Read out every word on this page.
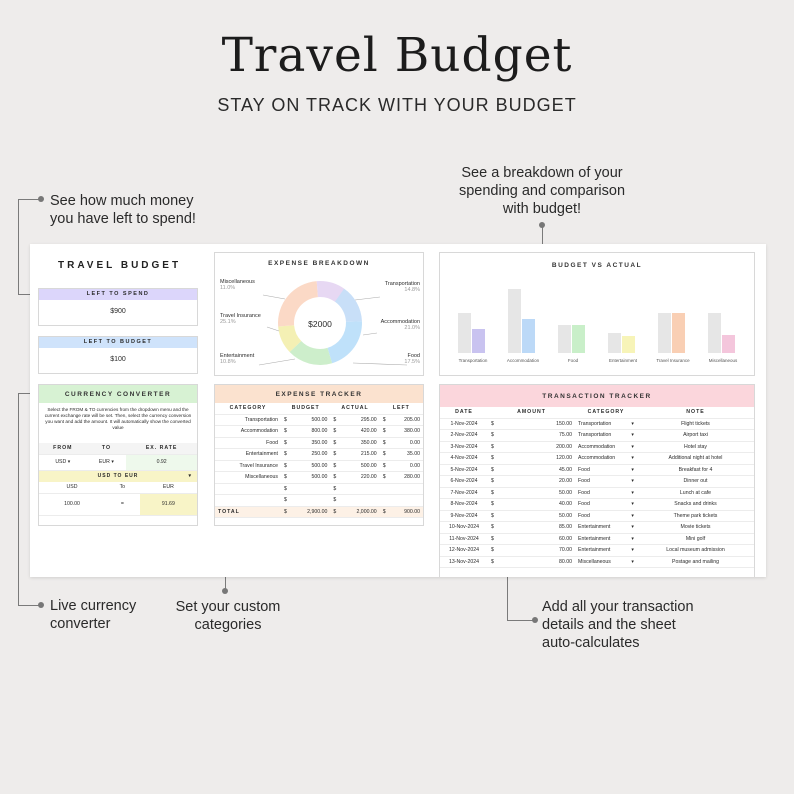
Travel Budget
STAY ON TRACK WITH YOUR BUDGET
See how much money you have left to spend!
See a breakdown of your spending and comparison with budget!
Live currency converter
Set your custom categories
Add all your transaction details and the sheet auto-calculates
TRAVEL BUDGET
LEFT TO SPEND
$900
LEFT TO BUDGET
$100
CURRENCY CONVERTER
Select the FROM & TO currencies from the dropdown menu and the current exchange rate will be set. Then, select the currency conversion you want and add the amount. It will automatically show the converted value
FROM	TO	EX. RATE
USD ▾	EUR ▾	0.92
USD TO EUR	▾
USD	To	EUR
100.00	=	91.69
EXPENSE BREAKDOWN
$2000
Miscellaneous
11.0%
Travel Insurance
25.1%
Entertainment
10.8%
Transportation
14.8%
Accommodation
21.0%
Food
17.5%
BUDGET VS ACTUAL
Transportation	Accommodation	Food	Entertainment	Travel Insurance	Miscellaneous
EXPENSE TRACKER
CATEGORY	BUDGET		ACTUAL		LEFT	
Transportation	$	500.00	$	295.00	$	205.00
Accommodation	$	800.00	$	420.00	$	380.00
Food	$	350.00	$	350.00	$	0.00
Entertainment	$	250.00	$	215.00	$	35.00
Travel Insurance	$	500.00	$	500.00	$	0.00
Miscellaneous	$	500.00	$	220.00	$	280.00
	$		$			
	$		$			
TOTAL	$	2,900.00	$	2,000.00	$	900.00
TRANSACTION TRACKER
DATE	AMOUNT		CATEGORY	NOTE
1-Nov-2024	$	150.00	Transportation ▾	Flight tickets
2-Nov-2024	$	75.00	Transportation ▾	Airport taxi
3-Nov-2024	$	200.00	Accommodation ▾	Hotel stay
4-Nov-2024	$	120.00	Accommodation ▾	Additional night at hotel
5-Nov-2024	$	45.00	Food ▾	Breakfast for 4
6-Nov-2024	$	20.00	Food ▾	Dinner out
7-Nov-2024	$	50.00	Food ▾	Lunch at cafe
8-Nov-2024	$	40.00	Food ▾	Snacks and drinks
9-Nov-2024	$	50.00	Food ▾	Theme park tickets
10-Nov-2024	$	85.00	Entertainment ▾	Movie tickets
11-Nov-2024	$	60.00	Entertainment ▾	Mini golf
12-Nov-2024	$	70.00	Entertainment ▾	Local museum admission
13-Nov-2024	$	80.00	Miscellaneous ▾	Postage and mailing
